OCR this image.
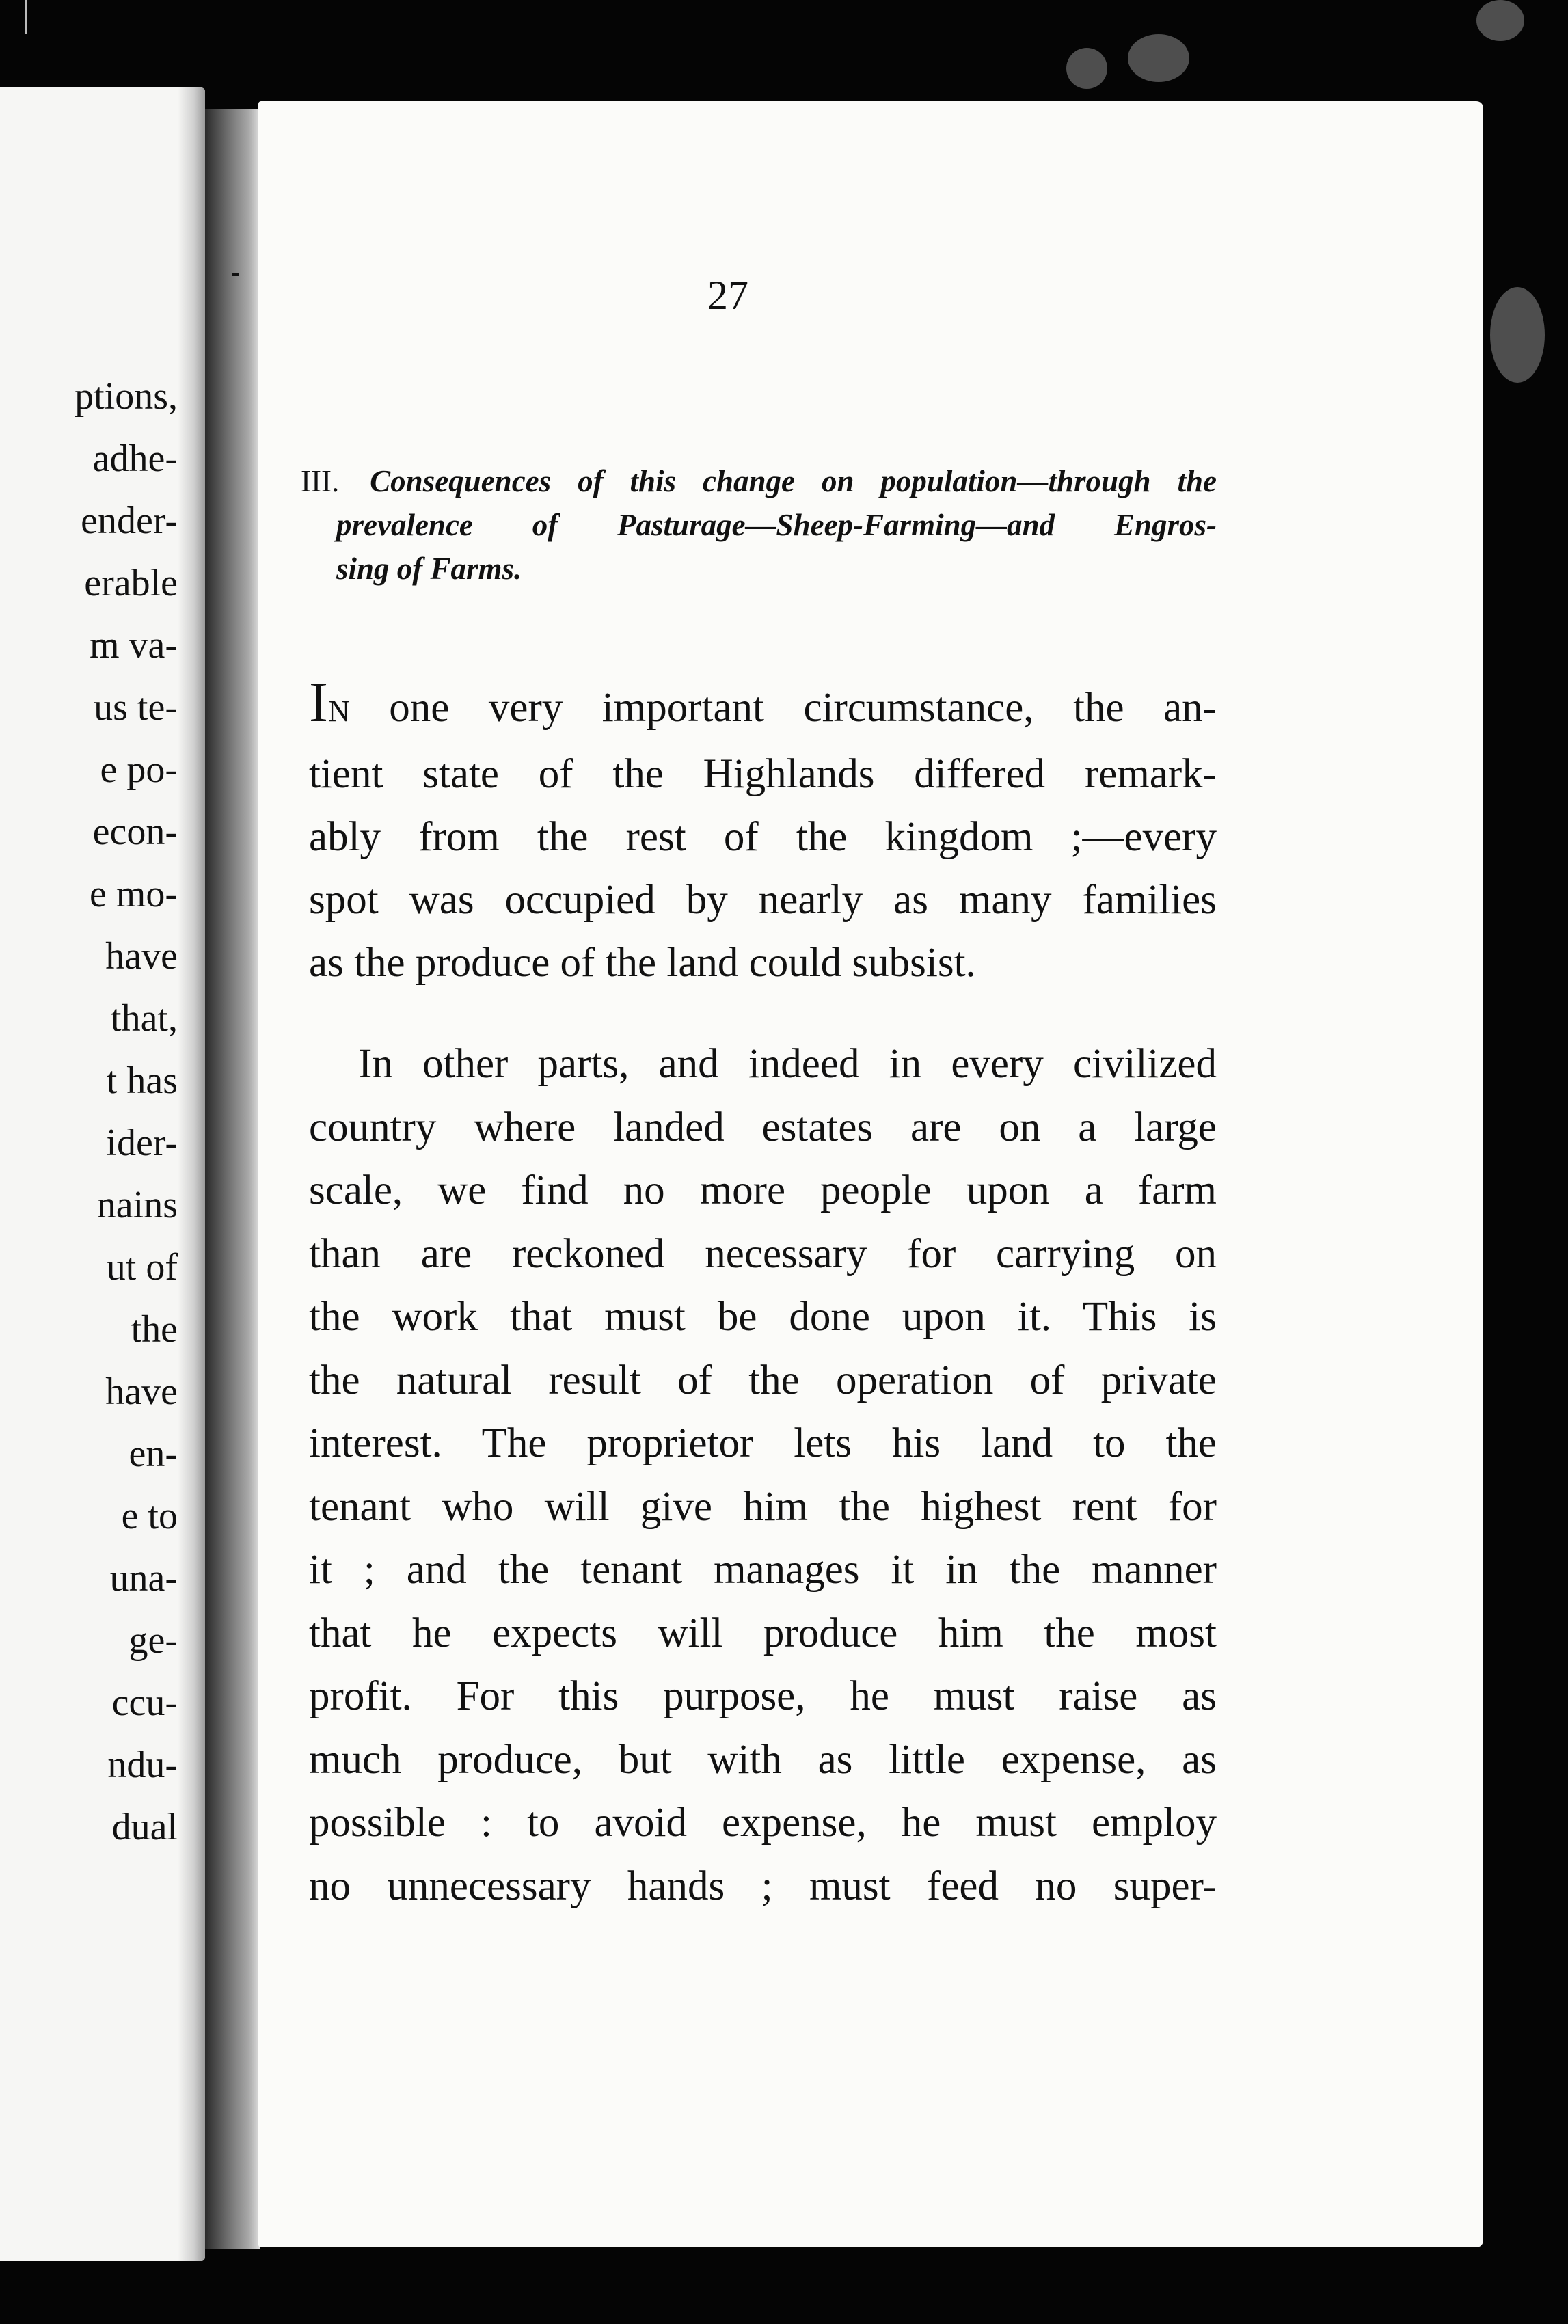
ptions,
adhe-
ender-
erable
m va-
us te-
e po-
econ-
e mo-
have
that,
t has
ider-
nains
ut of
the
have
en-
e to
una-
ge-
ccu-
ndu-
dual
27
III. Consequences of this change on population—through the
prevalence of Pasturage—Sheep-Farming—and Engros-
sing of Farms.
IN one very important circumstance, the an-
tient state of the Highlands differed remark-
ably from the rest of the kingdom ;—every
spot was occupied by nearly as many families
as the produce of the land could subsist.
In other parts, and indeed in every civilized
country where landed estates are on a large
scale, we find no more people upon a farm
than are reckoned necessary for carrying on
the work that must be done upon it. This is
the natural result of the operation of private
interest. The proprietor lets his land to the
tenant who will give him the highest rent for
it ; and the tenant manages it in the manner
that he expects will produce him the most
profit. For this purpose, he must raise as
much produce, but with as little expense, as
possible : to avoid expense, he must employ
no unnecessary hands ; must feed no super-
